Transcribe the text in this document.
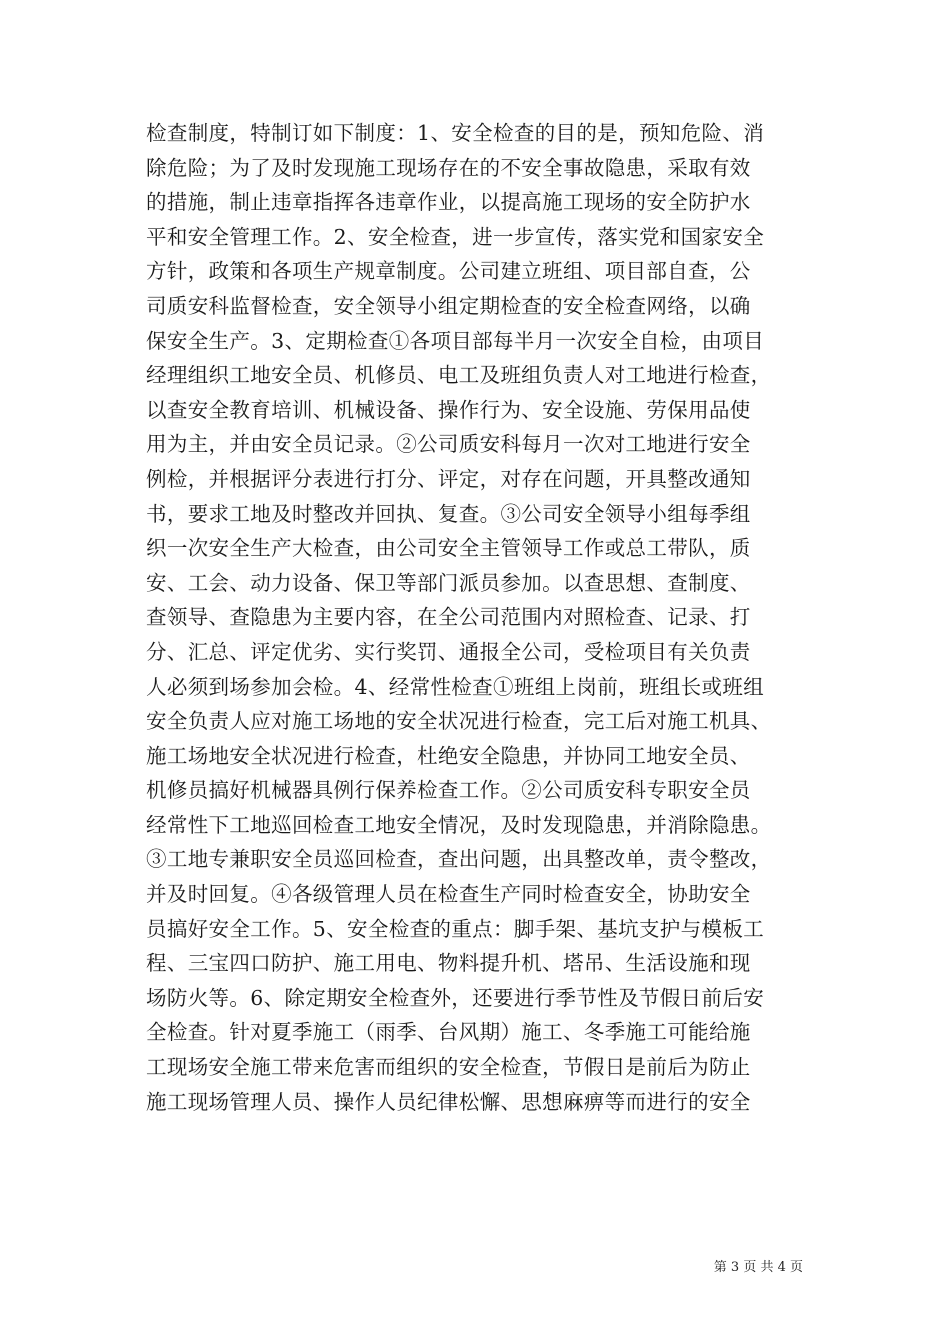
检查制度，特制订如下制度：1、安全检查的目的是，预知危险、消
除危险；为了及时发现施工现场存在的不安全事故隐患，采取有效
的措施，制止违章指挥各违章作业，以提高施工现场的安全防护水
平和安全管理工作。2、安全检查，进一步宣传，落实党和国家安全
方针，政策和各项生产规章制度。公司建立班组、项目部自查，公
司质安科监督检查，安全领导小组定期检查的安全检查网络，以确
保安全生产。3、定期检查①各项目部每半月一次安全自检，由项目
经理组织工地安全员、机修员、电工及班组负责人对工地进行检查，
以查安全教育培训、机械设备、操作行为、安全设施、劳保用品使
用为主，并由安全员记录。②公司质安科每月一次对工地进行安全
例检，并根据评分表进行打分、评定，对存在问题，开具整改通知
书，要求工地及时整改并回执、复查。③公司安全领导小组每季组
织一次安全生产大检查，由公司安全主管领导工作或总工带队，质
安、工会、动力设备、保卫等部门派员参加。以查思想、查制度、
查领导、查隐患为主要内容，在全公司范围内对照检查、记录、打
分、汇总、评定优劣、实行奖罚、通报全公司，受检项目有关负责
人必须到场参加会检。4、经常性检查①班组上岗前，班组长或班组
安全负责人应对施工场地的安全状况进行检查，完工后对施工机具、
施工场地安全状况进行检查，杜绝安全隐患，并协同工地安全员、
机修员搞好机械器具例行保养检查工作。②公司质安科专职安全员
经常性下工地巡回检查工地安全情况，及时发现隐患，并消除隐患。
③工地专兼职安全员巡回检查，查出问题，出具整改单，责令整改，
并及时回复。④各级管理人员在检查生产同时检查安全，协助安全
员搞好安全工作。5、安全检查的重点：脚手架、基坑支护与模板工
程、三宝四口防护、施工用电、物料提升机、塔吊、生活设施和现
场防火等。6、除定期安全检查外，还要进行季节性及节假日前后安
全检查。针对夏季施工（雨季、台风期）施工、冬季施工可能给施
工现场安全施工带来危害而组织的安全检查，节假日是前后为防止
施工现场管理人员、操作人员纪律松懈、思想麻痹等而进行的安全
第 3 页 共 4 页
